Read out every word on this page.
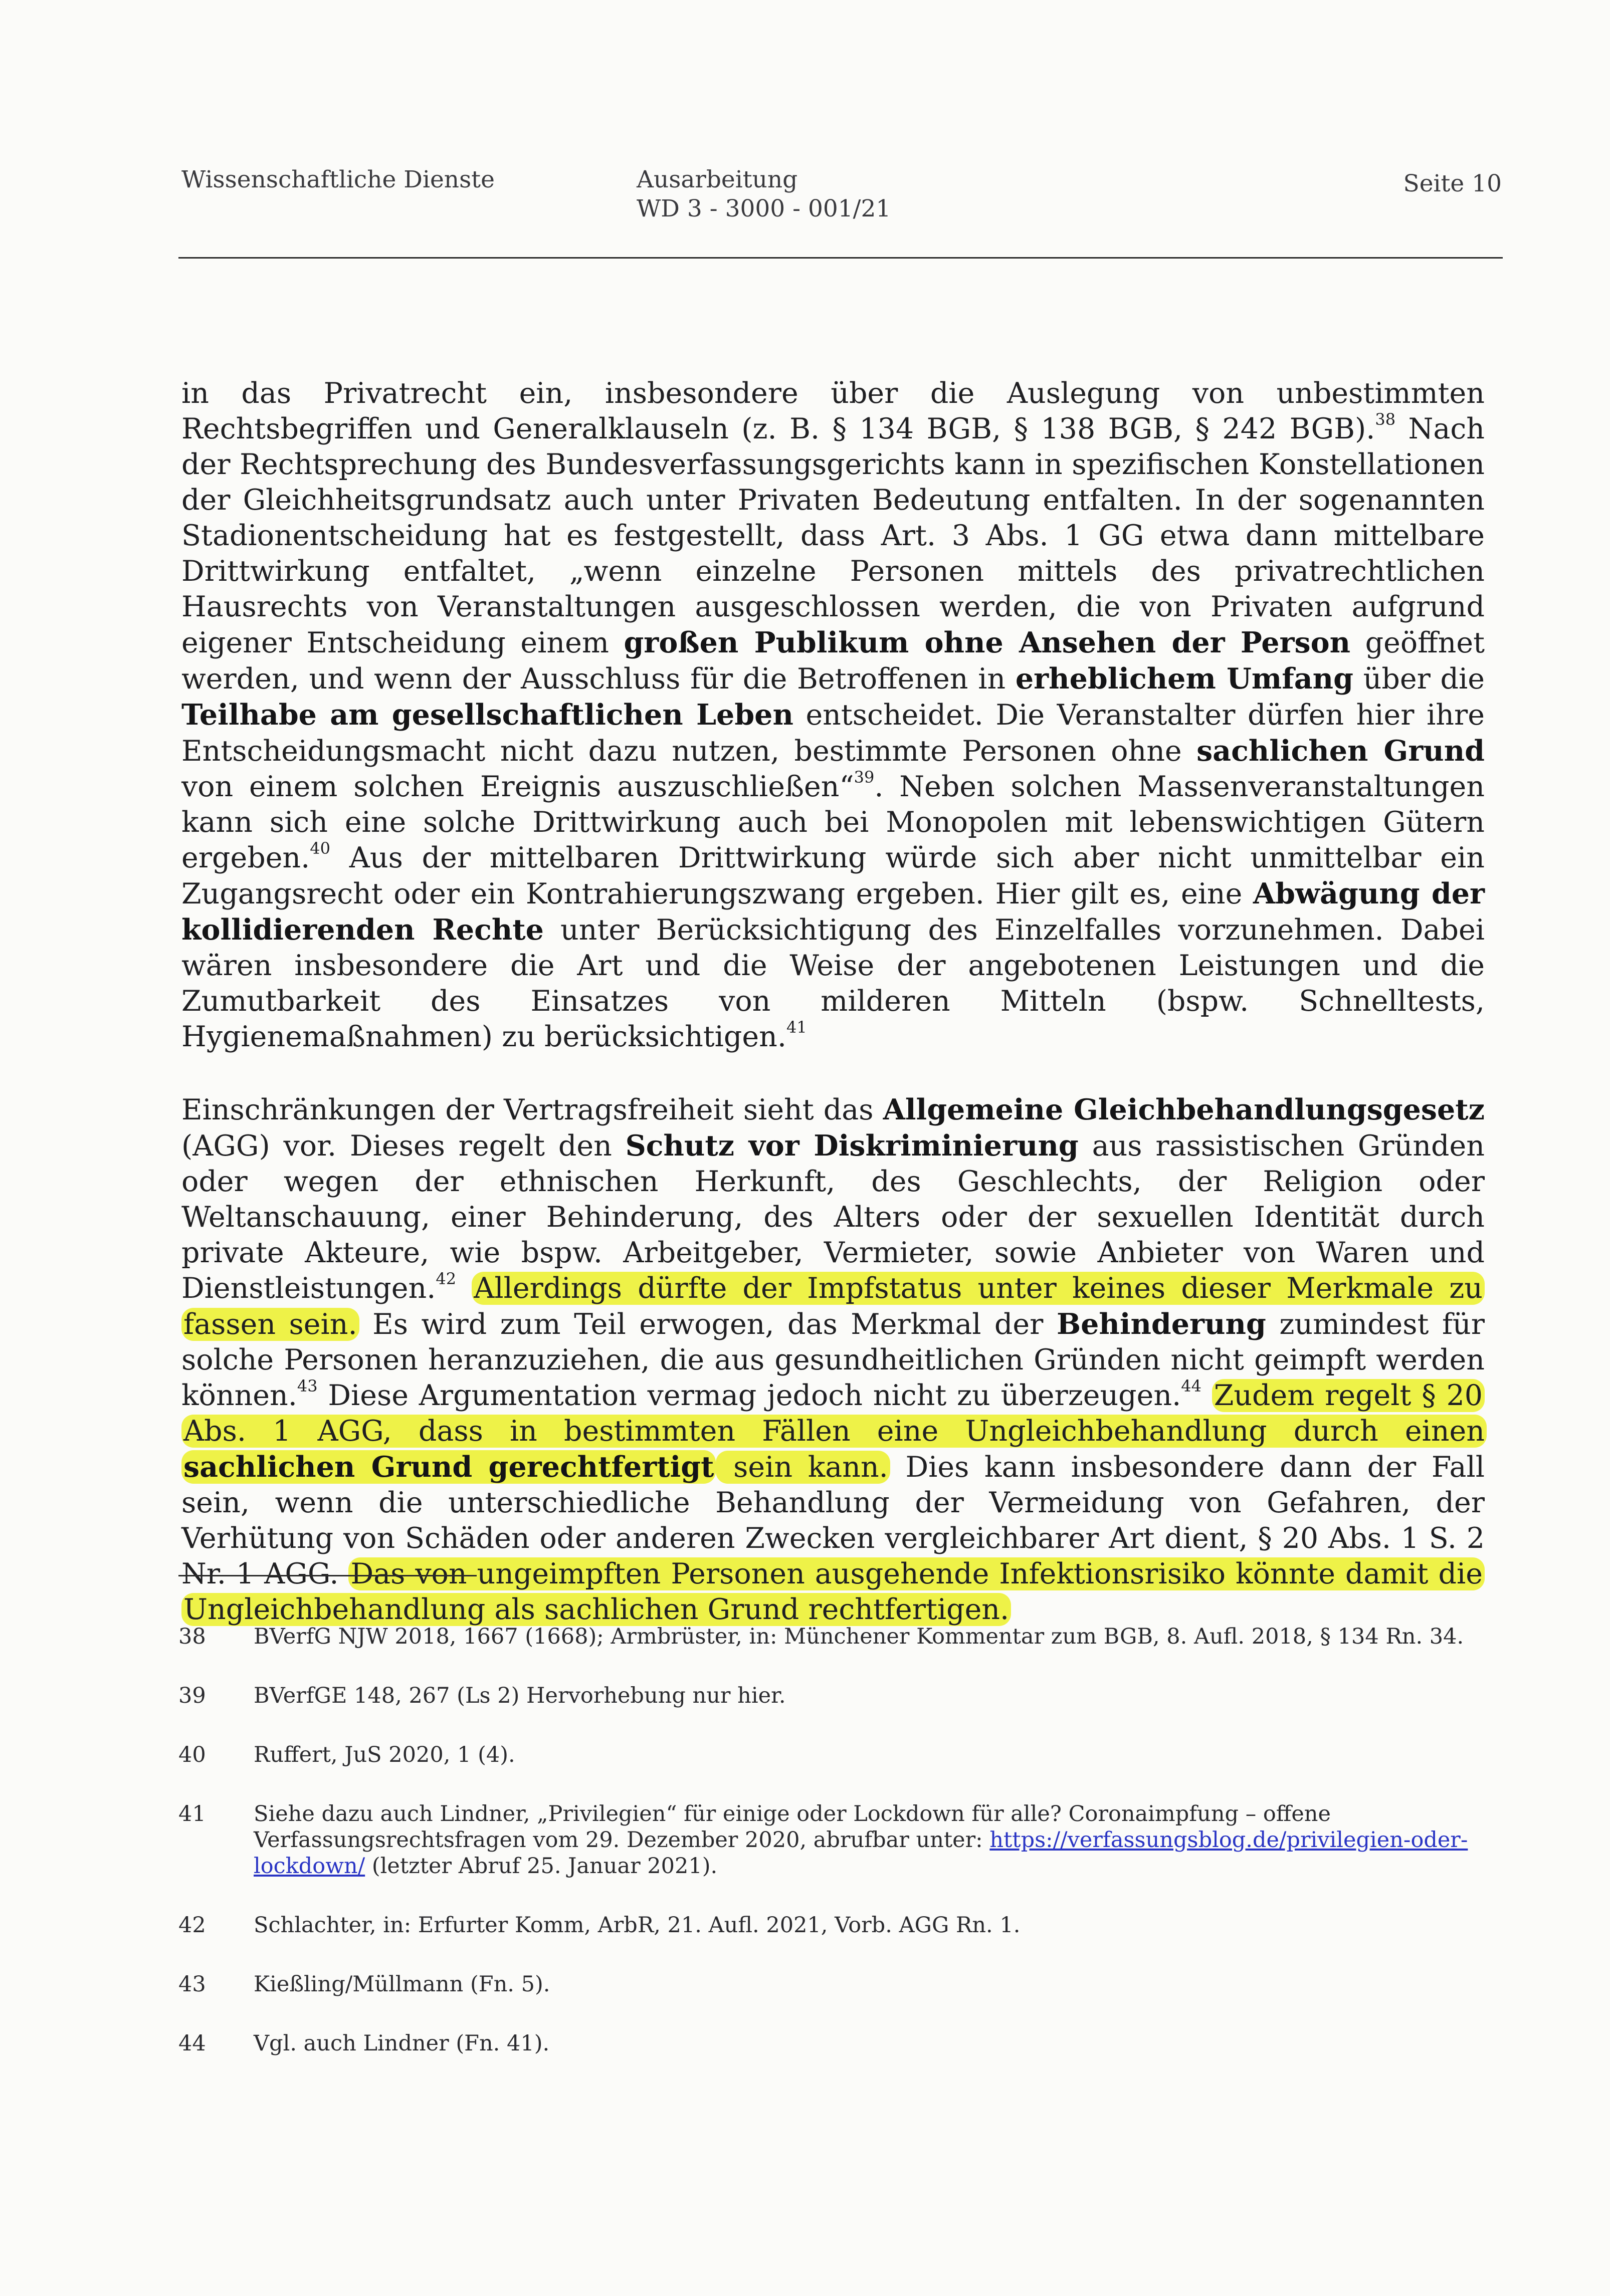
Wissenschaftliche Dienste	Ausarbeitung
WD 3 - 3000 - 001/21
Seite 10

in das Privatrecht ein, insbesondere über die Auslegung von unbestimmten Rechtsbegriffen und Generalklauseln (z. B. § 134 BGB, § 138 BGB, § 242 BGB).$^{38}$ Nach der Rechtsprechung des Bundesverfassungsgerichts kann in spezifischen Konstellationen der Gleichheitsgrundsatz auch unter Privaten Bedeutung entfalten. In der sogenannten Stadionentscheidung hat es festgestellt, dass Art. 3 Abs. 1 GG etwa dann mittelbare Drittwirkung entfaltet, „wenn einzelne Personen mittels des privatrechtlichen Hausrechts von Veranstaltungen ausgeschlossen werden, die von Privaten aufgrund eigener Entscheidung einem großen Publikum ohne Ansehen der Person geöffnet werden, und wenn der Ausschluss für die Betroffenen in erheblichem Umfang über die Teilhabe am gesellschaftlichen Leben entscheidet. Die Veranstalter dürfen hier ihre Entscheidungsmacht nicht dazu nutzen, bestimmte Personen ohne sachlichen Grund von einem solchen Ereignis auszuschließen“$^{39}$. Neben solchen Massenveranstaltungen kann sich eine solche Drittwirkung auch bei Monopolen mit lebenswichtigen Gütern ergeben.$^{40}$ Aus der mittelbaren Drittwirkung würde sich aber nicht unmittelbar ein Zugangsrecht oder ein Kontrahierungszwang ergeben. Hier gilt es, eine Abwägung der kollidierenden Rechte unter Berücksichtigung des Einzelfalles vorzunehmen. Dabei wären insbesondere die Art und die Weise der angebotenen Leistungen und die Zumutbarkeit des Einsatzes von milderen Mitteln (bspw. Schnelltests, Hygienemaßnahmen) zu berücksichtigen.$^{41}$

Einschränkungen der Vertragsfreiheit sieht das Allgemeine Gleichbehandlungsgesetz (AGG) vor. Dieses regelt den Schutz vor Diskriminierung aus rassistischen Gründen oder wegen der ethnischen Herkunft, des Geschlechts, der Religion oder Weltanschauung, einer Behinderung, des Alters oder der sexuellen Identität durch private Akteure, wie bspw. Arbeitgeber, Vermieter, sowie Anbieter von Waren und Dienstleistungen.$^{42}$ Allerdings dürfte der Impfstatus unter keines dieser Merkmale zu fassen sein. Es wird zum Teil erwogen, das Merkmal der Behinderung zumindest für solche Personen heranzuziehen, die aus gesundheitlichen Gründen nicht geimpft werden können.$^{43}$ Diese Argumentation vermag jedoch nicht zu überzeugen.$^{44}$ Zudem regelt § 20 Abs. 1 AGG, dass in bestimmten Fällen eine Ungleichbehandlung durch einen sachlichen Grund gerechtfertigt sein kann. Dies kann insbesondere dann der Fall sein, wenn die unterschiedliche Behandlung der Vermeidung von Gefahren, der Verhütung von Schäden oder anderen Zwecken vergleichbarer Art dient, § 20 Abs. 1 S. 2 Nr. 1 AGG. Das von ungeimpften Personen ausgehende Infektionsrisiko könnte damit die Ungleichbehandlung als sachlichen Grund rechtfertigen.

38	BVerfG NJW 2018, 1667 (1668); Armbrüster, in: Münchener Kommentar zum BGB, 8. Aufl. 2018, § 134 Rn. 34.
39	BVerfGE 148, 267 (Ls 2) Hervorhebung nur hier.
40	Ruffert, JuS 2020, 1 (4).
41	Siehe dazu auch Lindner, „Privilegien“ für einige oder Lockdown für alle? Coronaimpfung – offene Verfassungsrechtsfragen vom 29. Dezember 2020, abrufbar unter: https://verfassungsblog.de/privilegien-oder-lockdown/ (letzter Abruf 25. Januar 2021).
42	Schlachter, in: Erfurter Komm, ArbR, 21. Aufl. 2021, Vorb. AGG Rn. 1.
43	Kießling/Müllmann (Fn. 5).
44	Vgl. auch Lindner (Fn. 41).
